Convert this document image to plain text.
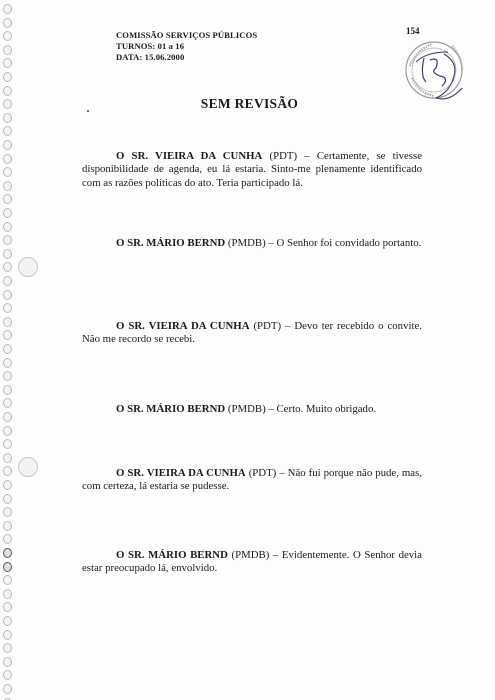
COMISSÃO SERVIÇOS PÚBLICOS
TURNOS: 01 a 16
DATA: 15.06.2000
154
SEM REVISÃO
O SR. VIEIRA DA CUNHA (PDT) – Certamente, se tivesse disponibilidade de agenda, eu lá estaria. Sinto-me plenamente identificado com as razões políticas do ato. Teria participado lá.
O SR. MÁRIO BERND (PMDB) – O Senhor foi convidado portanto.
O SR. VIEIRA DA CUNHA (PDT) – Devo ter recebido o convite. Não me recordo se recebi.
O SR. MÁRIO BERND (PMDB) – Certo. Muito obrigado.
O SR. VIEIRA DA CUNHA (PDT) – Não fui porque não pude, mas, com certeza, lá estaria se pudesse.
O SR. MÁRIO BERND (PMDB) – Evidentemente. O Senhor devia estar preocupado lá, envolvido.
